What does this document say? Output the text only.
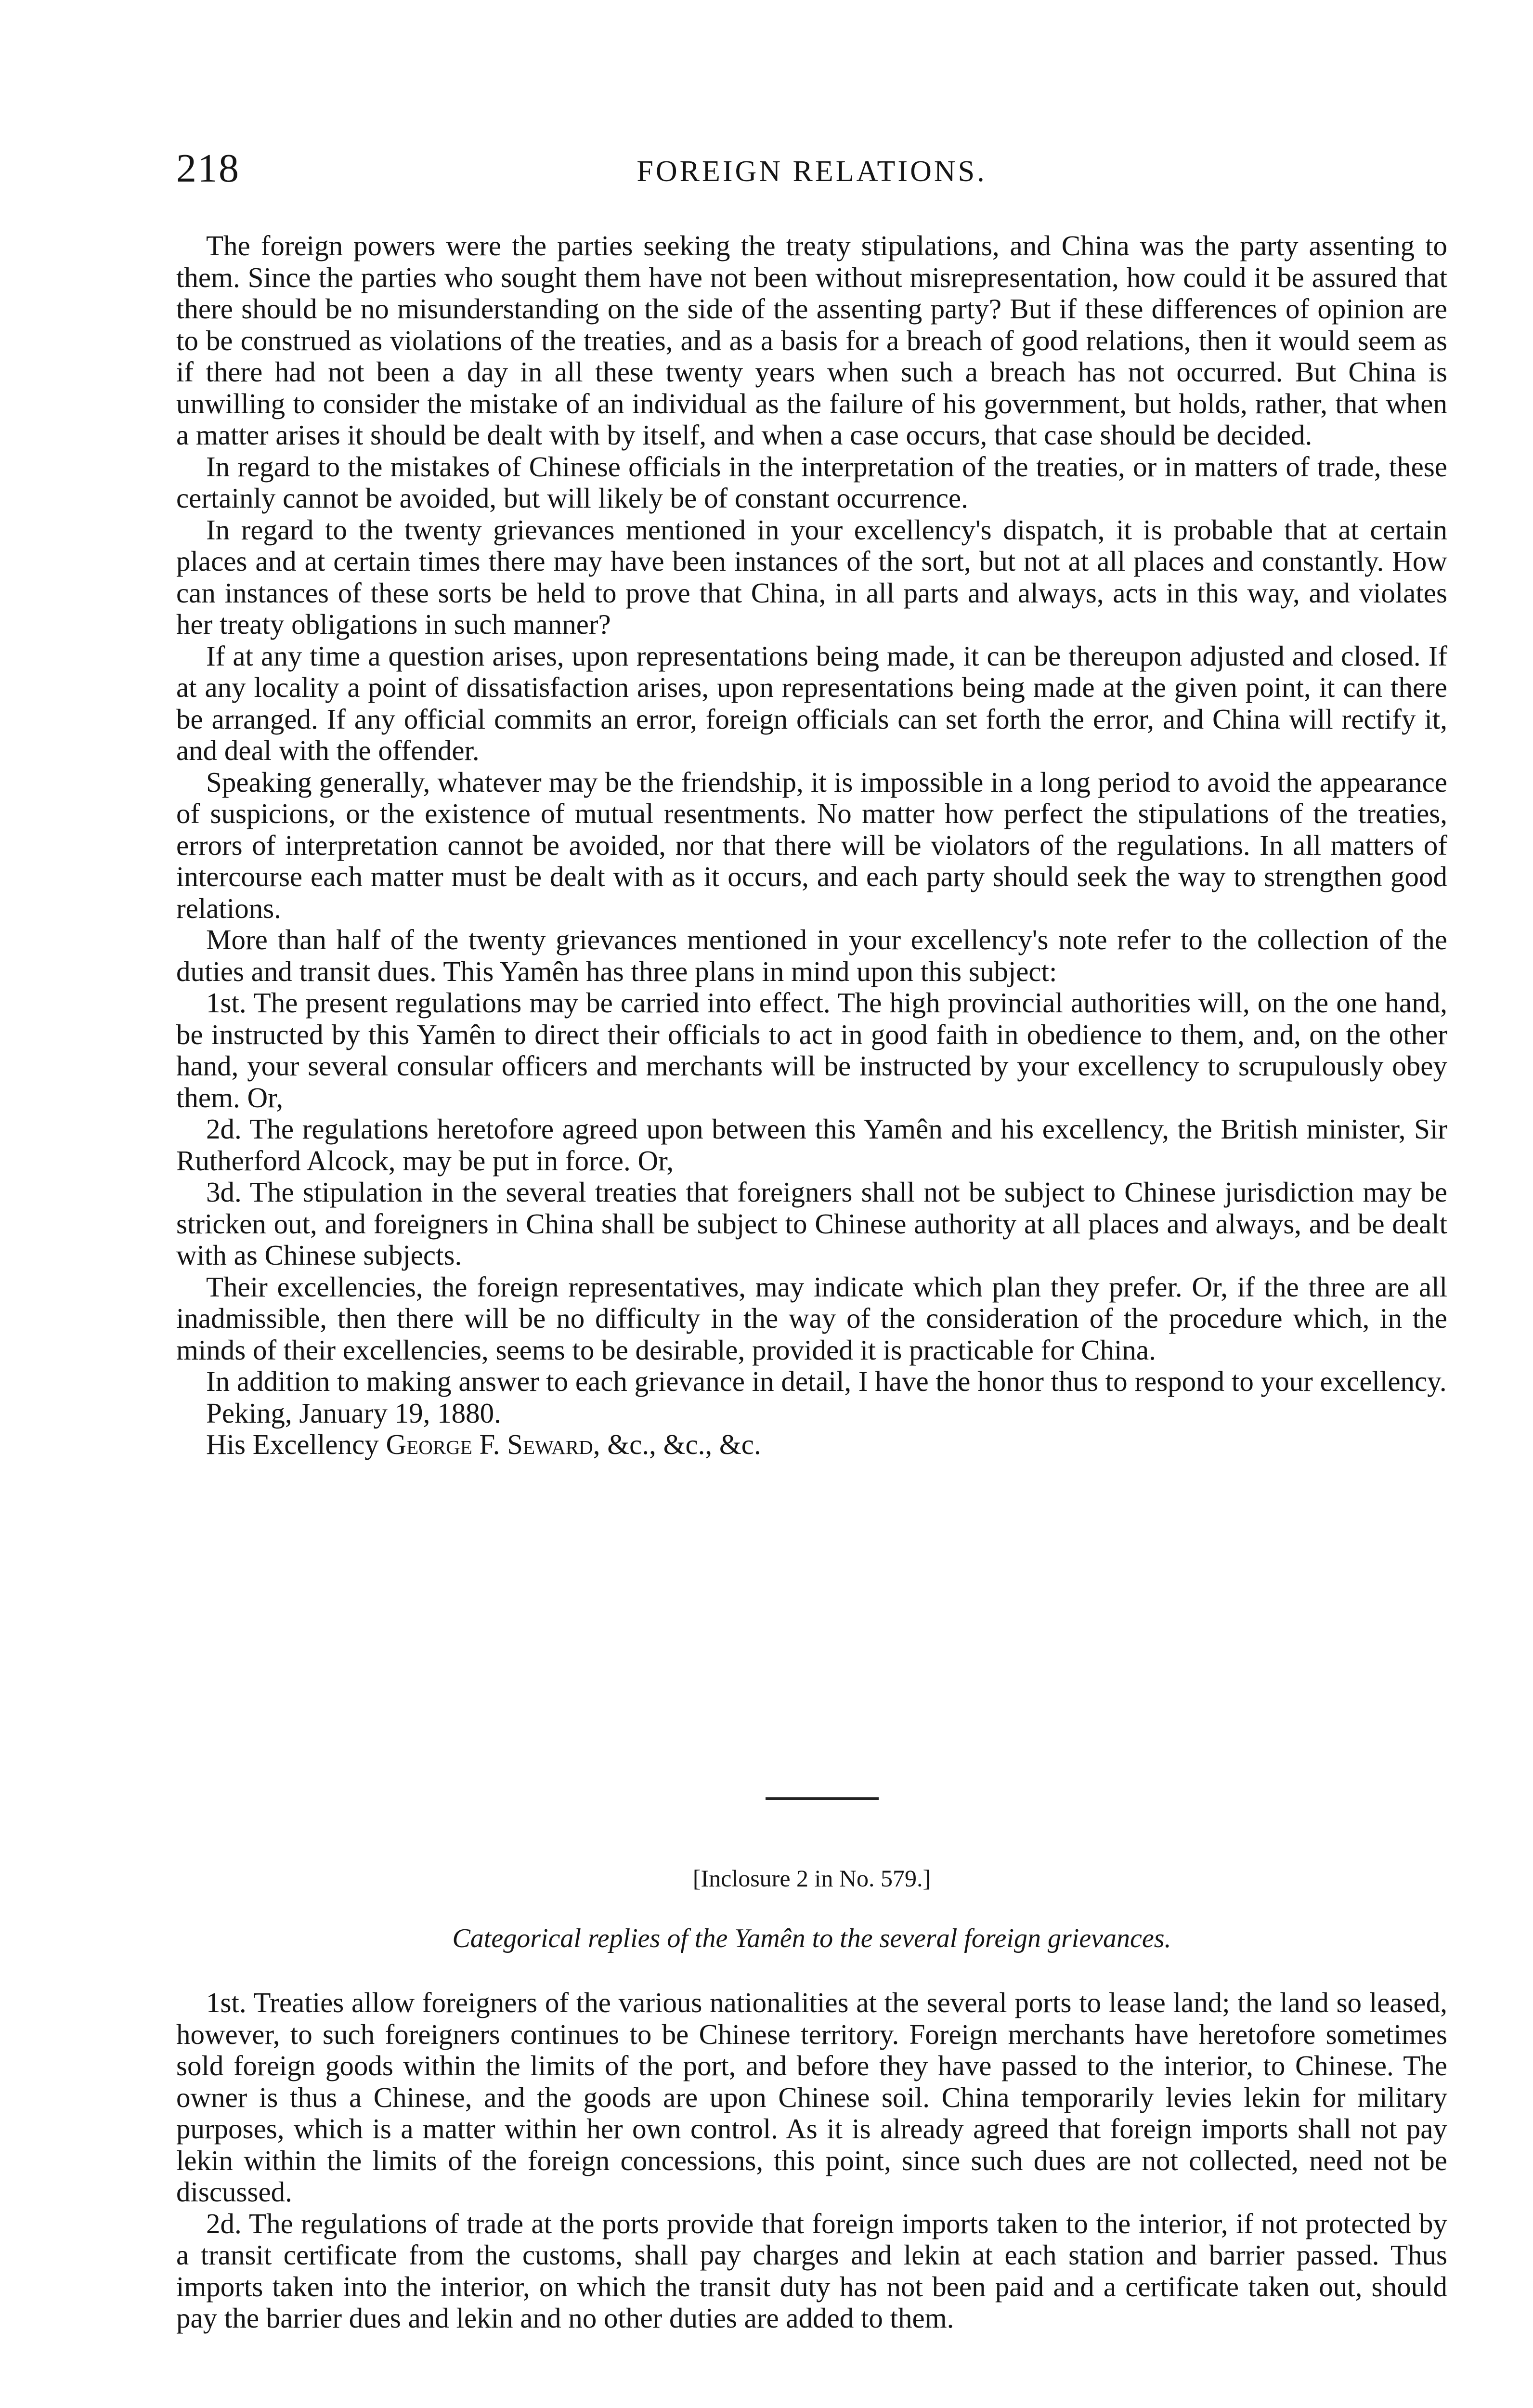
218	FOREIGN RELATIONS.

The foreign powers were the parties seeking the treaty stipulations, and China was the party assenting to them. Since the parties who sought them have not been without misrepresentation, how could it be assured that there should be no misunderstanding on the side of the assenting party? But if these differences of opinion are to be construed as violations of the treaties, and as a basis for a breach of good relations, then it would seem as if there had not been a day in all these twenty years when such a breach has not occurred. But China is unwilling to consider the mistake of an individual as the failure of his government, but holds, rather, that when a matter arises it should be dealt with by itself, and when a case occurs, that case should be decided.

In regard to the mistakes of Chinese officials in the interpretation of the treaties, or in matters of trade, these certainly cannot be avoided, but will likely be of constant occurrence.

In regard to the twenty grievances mentioned in your excellency's dispatch, it is probable that at certain places and at certain times there may have been instances of the sort, but not at all places and constantly. How can instances of these sorts be held to prove that China, in all parts and always, acts in this way, and violates her treaty obligations in such manner?

If at any time a question arises, upon representations being made, it can be thereupon adjusted and closed. If at any locality a point of dissatisfaction arises, upon representations being made at the given point, it can there be arranged. If any official commits an error, foreign officials can set forth the error, and China will rectify it, and deal with the offender.

Speaking generally, whatever may be the friendship, it is impossible in a long period to avoid the appearance of suspicions, or the existence of mutual resentments. No matter how perfect the stipulations of the treaties, errors of interpretation cannot be avoided, nor that there will be violators of the regulations. In all matters of intercourse each matter must be dealt with as it occurs, and each party should seek the way to strengthen good relations.

More than half of the twenty grievances mentioned in your excellency's note refer to the collection of the duties and transit dues. This Yamên has three plans in mind upon this subject:

1st. The present regulations may be carried into effect. The high provincial authorities will, on the one hand, be instructed by this Yamên to direct their officials to act in good faith in obedience to them, and, on the other hand, your several consular officers and merchants will be instructed by your excellency to scrupulously obey them. Or,

2d. The regulations heretofore agreed upon between this Yamên and his excellency, the British minister, Sir Rutherford Alcock, may be put in force. Or,

3d. The stipulation in the several treaties that foreigners shall not be subject to Chinese jurisdiction may be stricken out, and foreigners in China shall be subject to Chinese authority at all places and always, and be dealt with as Chinese subjects.

Their excellencies, the foreign representatives, may indicate which plan they prefer. Or, if the three are all inadmissible, then there will be no difficulty in the way of the consideration of the procedure which, in the minds of their excellencies, seems to be desirable, provided it is practicable for China.

In addition to making answer to each grievance in detail, I have the honor thus to respond to your excellency.

Peking, January 19, 1880.

His Excellency George F. Seward, &c., &c., &c.

[Inclosure 2 in No. 579.]
Categorical replies of the Yamên to the several foreign grievances.

1st. Treaties allow foreigners of the various nationalities at the several ports to lease land; the land so leased, however, to such foreigners continues to be Chinese territory. Foreign merchants have heretofore sometimes sold foreign goods within the limits of the port, and before they have passed to the interior, to Chinese. The owner is thus a Chinese, and the goods are upon Chinese soil. China temporarily levies lekin for military purposes, which is a matter within her own control. As it is already agreed that foreign imports shall not pay lekin within the limits of the foreign concessions, this point, since such dues are not collected, need not be discussed.

2d. The regulations of trade at the ports provide that foreign imports taken to the interior, if not protected by a transit certificate from the customs, shall pay charges and lekin at each station and barrier passed. Thus imports taken into the interior, on which the transit duty has not been paid and a certificate taken out, should pay the barrier dues and lekin and no other duties are added to them.
